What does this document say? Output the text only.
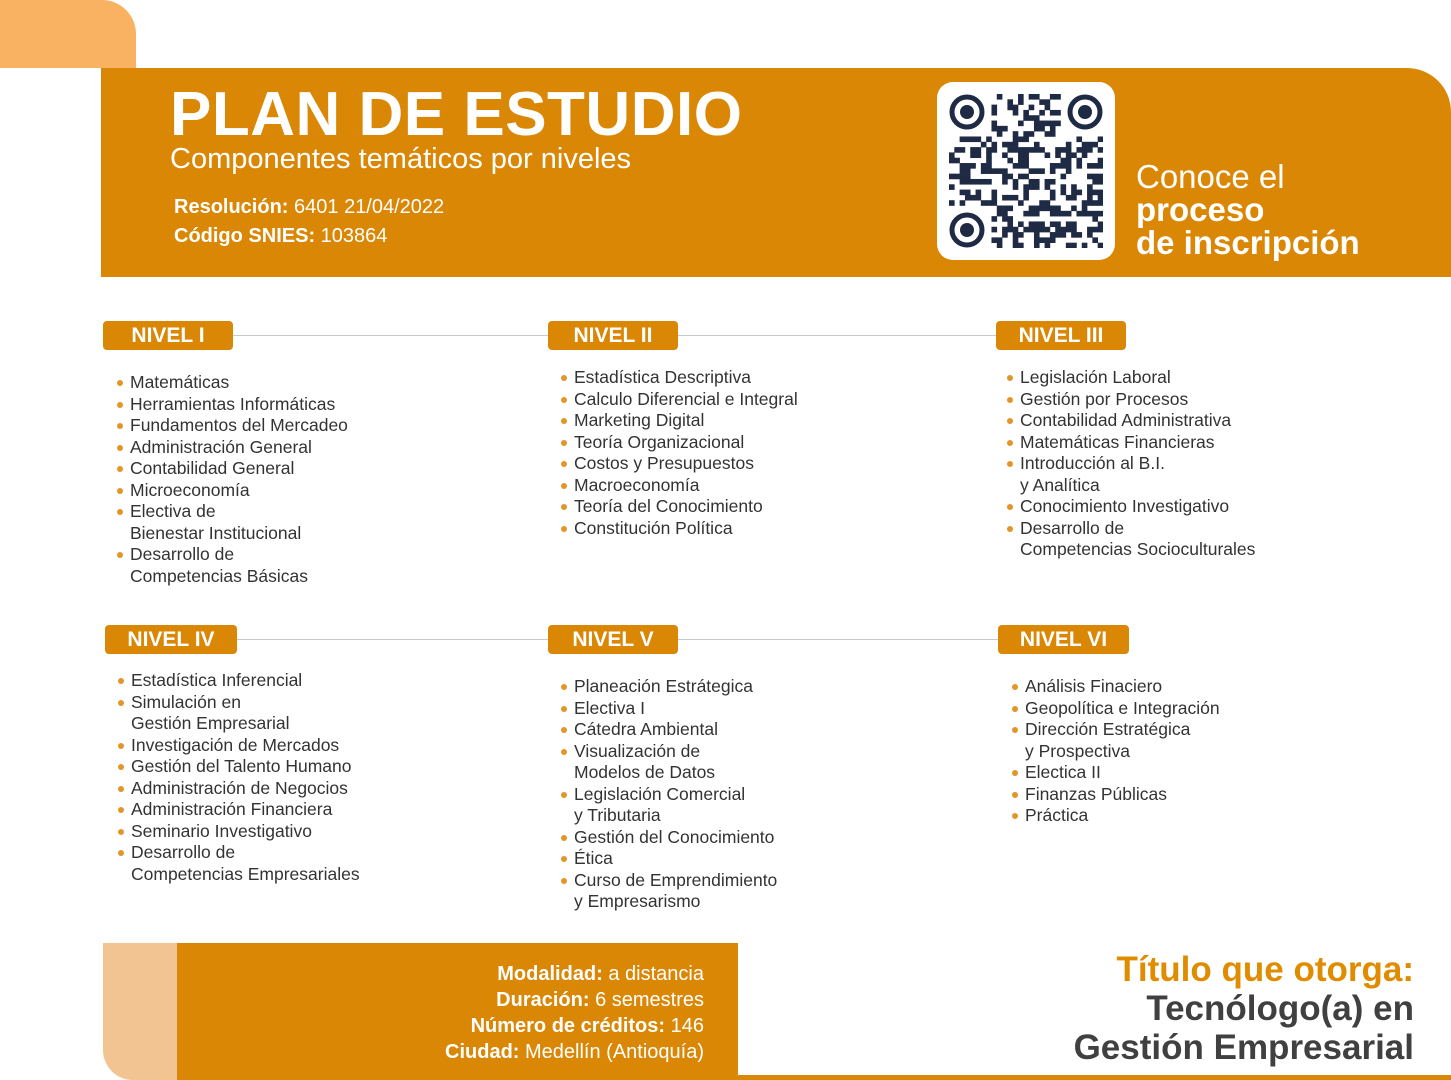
PLAN DE ESTUDIO

Componentes temáticos por niveles

Resolución: 6401 21/04/2022
Código SNIES: 103864
Conoce el
proceso
de inscripción
NIVEL I	NIVEL II	NIVEL III
NIVEL IV	NIVEL V	NIVEL VI
Matemáticas
Herramientas Informáticas
Fundamentos del Mercadeo
Administración General
Contabilidad General
Microeconomía
Electiva de
Bienestar Institucional
Desarrollo de
Competencias Básicas
Estadística Descriptiva
Calculo Diferencial e Integral
Marketing Digital
Teoría Organizacional
Costos y Presupuestos
Macroeconomía
Teoría del Conocimiento
Constitución Política
Legislación Laboral
Gestión por Procesos
Contabilidad Administrativa
Matemáticas Financieras
Introducción al B.I.
y Analítica
Conocimiento Investigativo
Desarrollo de
Competencias Socioculturales
Estadística Inferencial
Simulación en
Gestión Empresarial
Investigación de Mercados
Gestión del Talento Humano
Administración de Negocios
Administración Financiera
Seminario Investigativo
Desarrollo de
Competencias Empresariales
Planeación Estrátegica
Electiva I
Cátedra Ambiental
Visualización de
Modelos de Datos
Legislación Comercial
y Tributaria
Gestión del Conocimiento
Ética
Curso de Emprendimiento
y Empresarismo
Análisis Finaciero
Geopolítica e Integración
Dirección Estratégica
y Prospectiva
Electica II
Finanzas Públicas
Práctica
Modalidad: a distancia
Duración: 6 semestres
Número de créditos: 146
Ciudad: Medellín (Antioquía)
Título que otorga:
Tecnólogo(a) en
Gestión Empresarial
